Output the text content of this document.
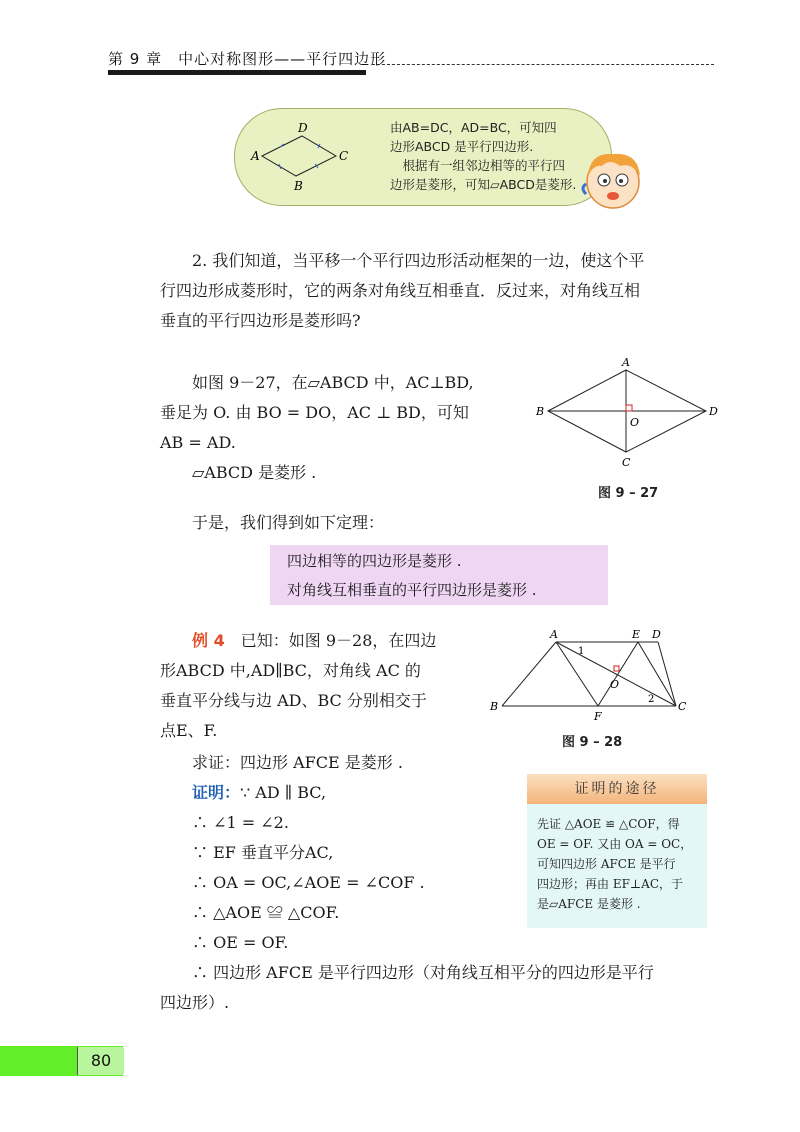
第 9 章　 中心对称图形——平行四边形
A
D
C
B

由AB=DC，AD=BC，可知四

边形ABCD 是平行四边形.

　根据有一组邻边相等的平行四

边形是菱形，可知▱ABCD是菱形.

　　2. 我们知道，当平移一个平行四边形活动框架的一边，使这个平

行四边形成菱形时，它的两条对角线互相垂直．反过来，对角线互相

垂直的平行四边形是菱形吗?

　　如图 9－27，在▱ABCD 中，AC⊥BD,

垂足为 O. 由 BO = DO，AC ⊥ BD，可知

AB = AD.

　　▱ABCD 是菱形 .

A
B	D
C
O
图 9 – 27
　　于是，我们得到如下定理：

四边相等的四边形是菱形 .

对角线互相垂直的平行四边形是菱形 .

　　例 4　 已知：如图 9－28，在四边

形ABCD 中,AD∥BC，对角线 AC 的

垂直平分线与边 AD、BC 分别相交于

点E、F.

A	E D
B
F
C
O
1
2
图 9 – 28
　　求证：四边形 AFCE 是菱形 .

　　证明：∵ AD ∥ BC,

　　∴ ∠1 = ∠2.

　　∵ EF 垂直平分AC,

　　∴ OA = OC,∠AOE = ∠COF .

　　∴ △AOE ≌ △COF.

　　∴ OE = OF.

　　∴ 四边形 AFCE 是平行四边形（对角线互相平分的四边形是平行

四边形）.

证明的途径

先证 △AOE ≌ △COF，得

OE = OF. 又由 OA = OC，

可知四边形 AFCE 是平行

四边形；再由 EF⊥AC，于

是▱AFCE 是菱形 .

80
